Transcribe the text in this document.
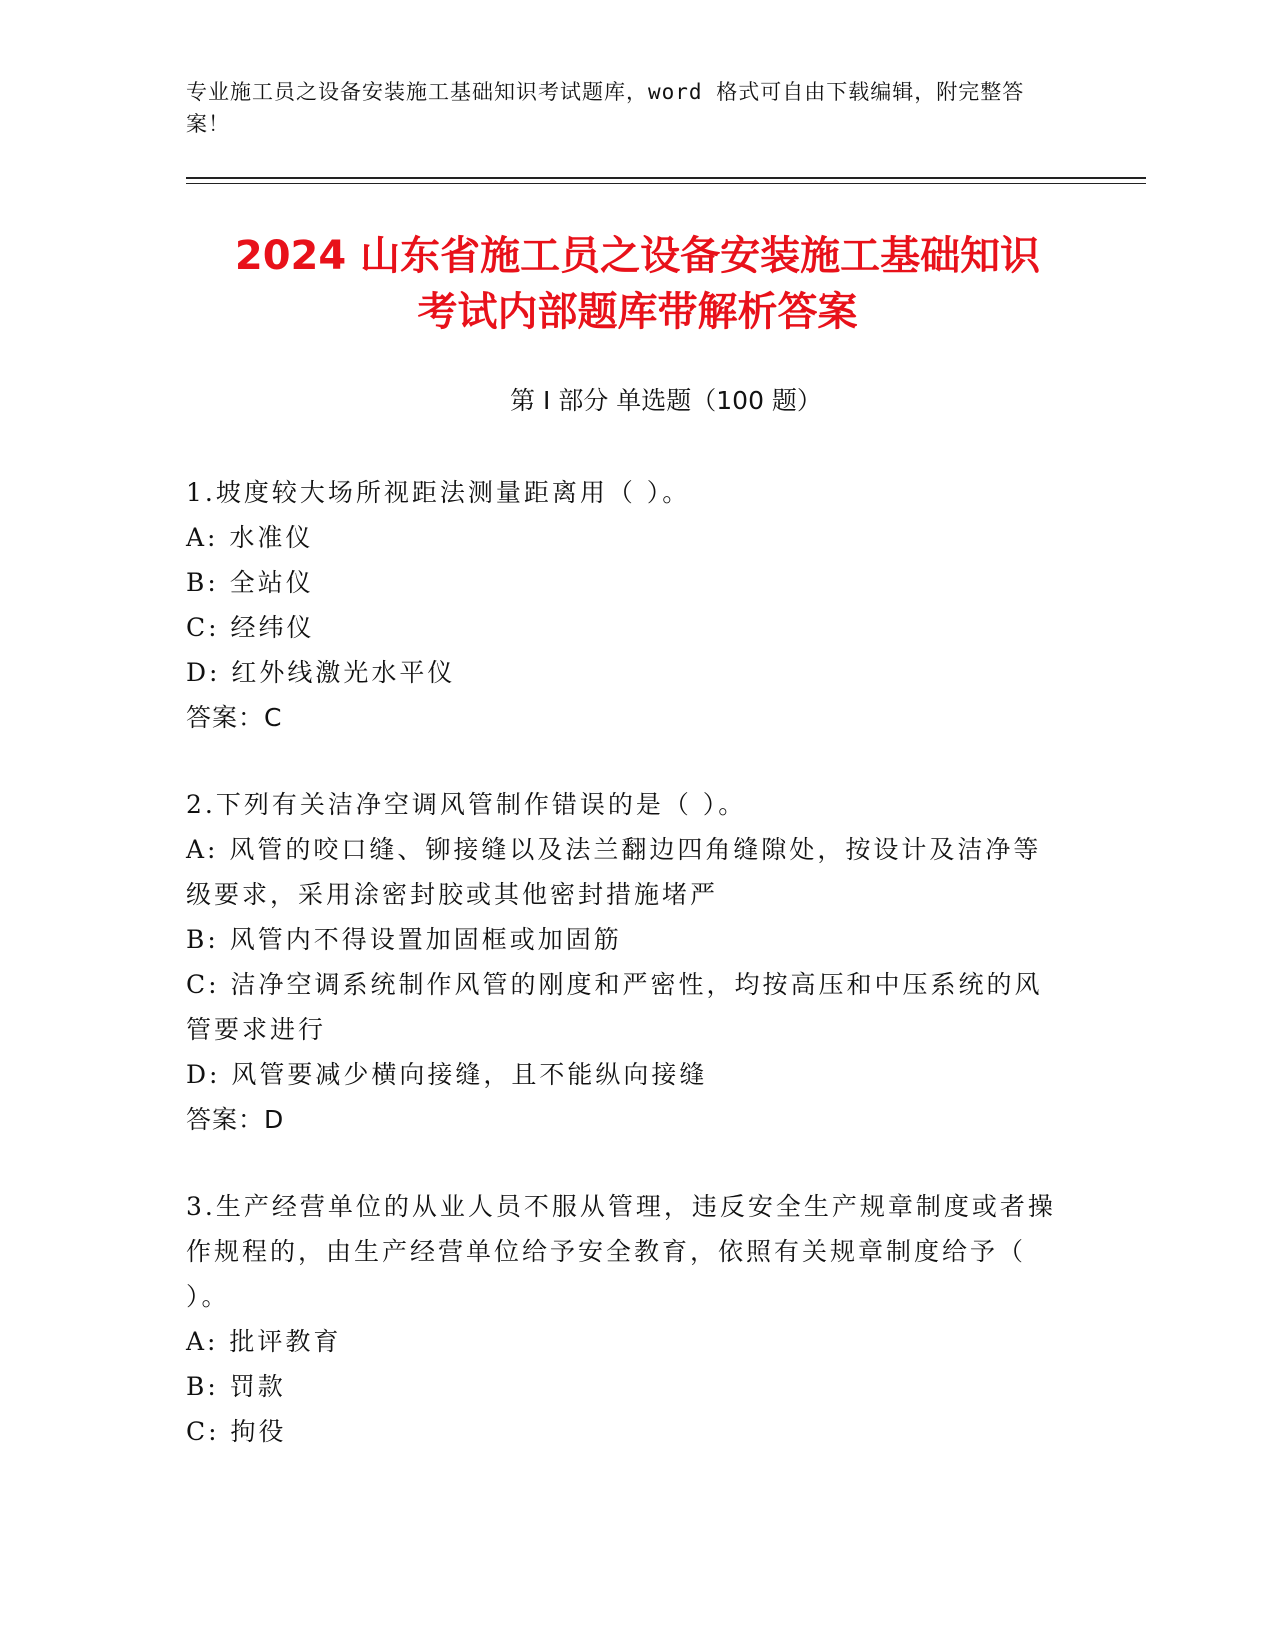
专业施工员之设备安装施工基础知识考试题库，word 格式可自由下载编辑，附完整答案！
2024 山东省施工员之设备安装施工基础知识
考试内部题库带解析答案
第 I 部分 单选题（100 题）
1.坡度较大场所视距法测量距离用（ ）。
A: 水准仪
B: 全站仪
C: 经纬仪
D: 红外线激光水平仪
答案：C
2.下列有关洁净空调风管制作错误的是（ ）。
A: 风管的咬口缝、铆接缝以及法兰翻边四角缝隙处，按设计及洁净等级要求，采用涂密封胶或其他密封措施堵严
B: 风管内不得设置加固框或加固筋
C: 洁净空调系统制作风管的刚度和严密性，均按高压和中压系统的风管要求进行
D: 风管要减少横向接缝，且不能纵向接缝
答案：D
3.生产经营单位的从业人员不服从管理，违反安全生产规章制度或者操作规程的，由生产经营单位给予安全教育，依照有关规章制度给予（ ）。
A: 批评教育
B: 罚款
C: 拘役
